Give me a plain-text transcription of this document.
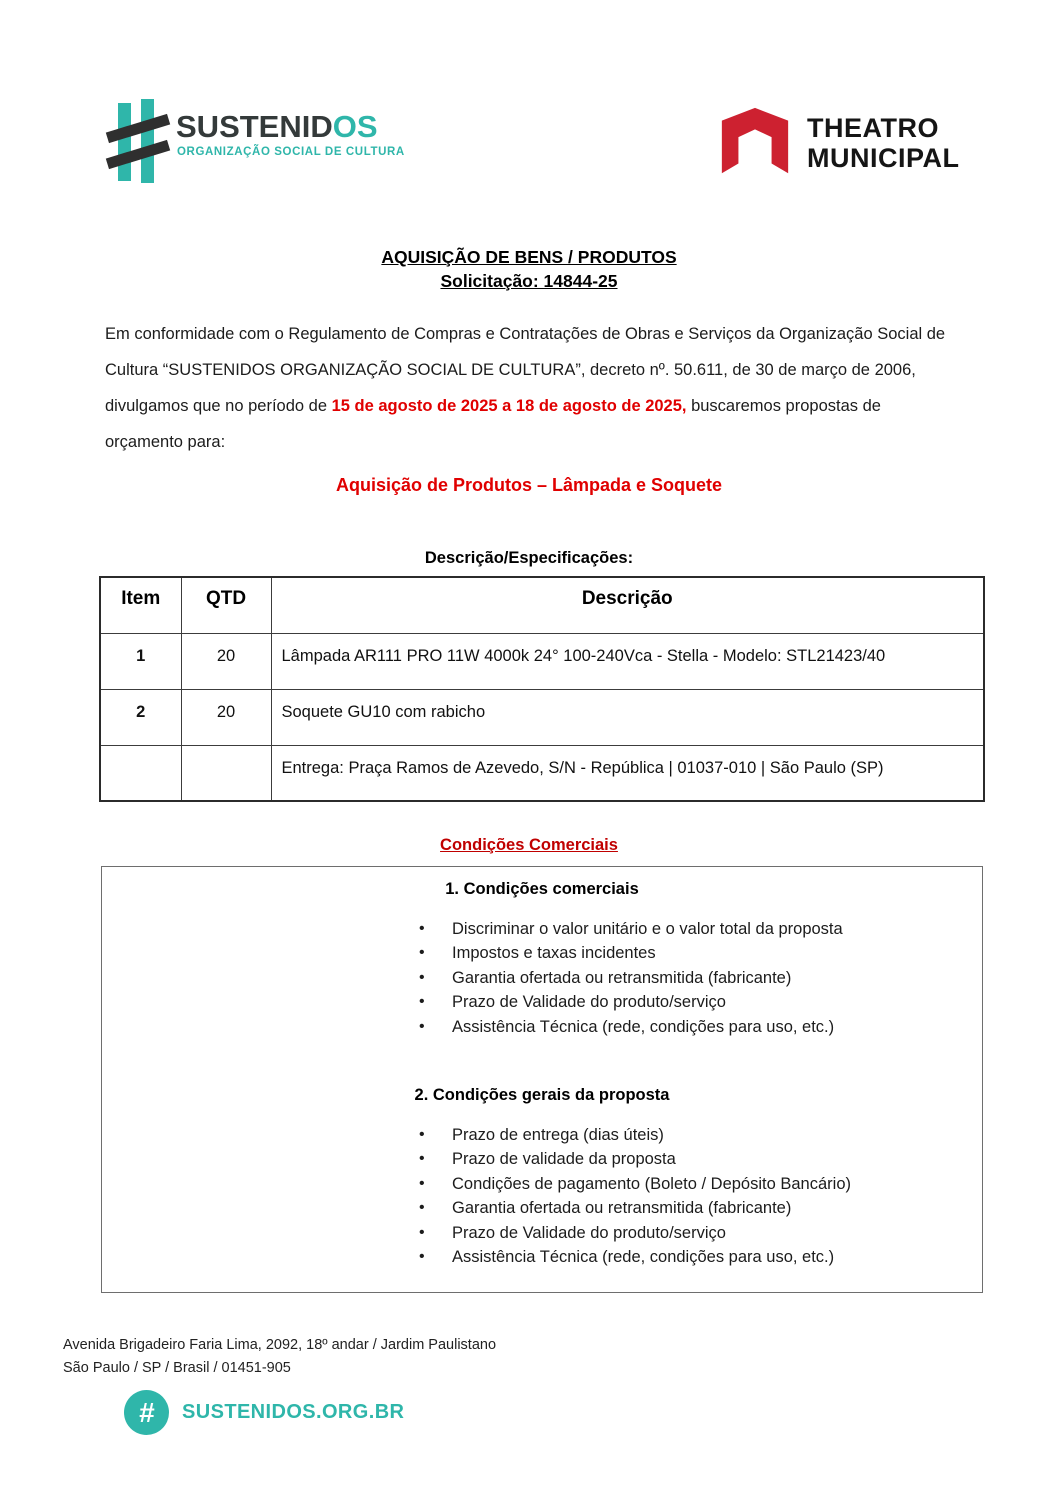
SUSTENIDOS
ORGANIZAÇÃO SOCIAL DE CULTURA
THEATRO
MUNICIPAL
AQUISIÇÃO DE BENS / PRODUTOS
Solicitação: 14844-25

Em conformidade com o Regulamento de Compras e Contratações de Obras e Serviços da Organização Social de Cultura “SUSTENIDOS ORGANIZAÇÃO SOCIAL DE CULTURA”, decreto nº. 50.611, de 30 de março de 2006, divulgamos que no período de 15 de agosto de 2025 a 18 de agosto de 2025, buscaremos propostas de orçamento para:

Aquisição de Produtos – Lâmpada e Soquete
Descrição/Especificações:
Item	QTD	Descrição
1	20	Lâmpada AR111 PRO 11W 4000k 24° 100-240Vca - Stella - Modelo: STL21423/40
2	20	Soquete GU10 com rabicho
		Entrega: Praça Ramos de Azevedo, S/N - República | 01037-010 | São Paulo (SP)
Condições Comerciais
1. Condições comerciais
• Discriminar o valor unitário e o valor total da proposta
• Impostos e taxas incidentes
• Garantia ofertada ou retransmitida (fabricante)
• Prazo de Validade do produto/serviço
• Assistência Técnica (rede, condições para uso, etc.)
2. Condições gerais da proposta
• Prazo de entrega (dias úteis)
• Prazo de validade da proposta
• Condições de pagamento (Boleto / Depósito Bancário)
• Garantia ofertada ou retransmitida (fabricante)
• Prazo de Validade do produto/serviço
• Assistência Técnica (rede, condições para uso, etc.)
Avenida Brigadeiro Faria Lima, 2092, 18º andar / Jardim Paulistano
São Paulo / SP / Brasil / 01451-905
#	SUSTENIDOS.ORG.BR
